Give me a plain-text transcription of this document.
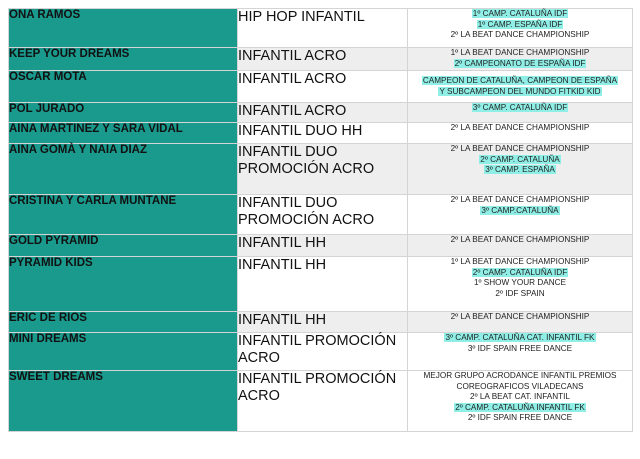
ONA RAMOS	HIP HOP INFANTIL	1º CAMP. CATALUÑA IDF
1º CAMP. ESPAÑA IDF
2º LA BEAT DANCE CHAMPIONSHIP

KEEP YOUR DREAMS	INFANTIL ACRO	1º LA BEAT DANCE CHAMPIONSHIP
2º CAMPEONATO DE ESPAÑA IDF

OSCAR MOTA	INFANTIL ACRO	CAMPEON DE CATALUÑA, CAMPEON DE ESPAÑA
Y SUBCAMPEON DEL MUNDO FITKID KID

POL JURADO	INFANTIL ACRO	3º CAMP. CATALUÑA IDF

AINA MARTINEZ Y SARA VIDAL	INFANTIL DUO HH	2º LA BEAT DANCE CHAMPIONSHIP

AINA GOMÀ Y NAIA DIAZ	INFANTIL DUO PROMOCIÓN ACRO	2º LA BEAT DANCE CHAMPIONSHIP
2º CAMP. CATALUÑA
3º CAMP. ESPAÑA

CRISTINA Y CARLA MUNTANE	INFANTIL DUO PROMOCIÓN ACRO	2º LA BEAT DANCE CHAMPIONSHIP
3º CAMP.CATALUÑA

GOLD PYRAMID	INFANTIL HH	2º LA BEAT DANCE CHAMPIONSHIP

PYRAMID KIDS	INFANTIL HH	1º LA BEAT DANCE CHAMPIONSHIP
2º CAMP. CATALUÑA IDF
1º SHOW YOUR DANCE
2º IDF SPAIN

ERIC DE RIOS	INFANTIL HH	2º LA BEAT DANCE CHAMPIONSHIP

MINI DREAMS	INFANTIL PROMOCIÓN ACRO	3º CAMP. CATALUÑA CAT. INFANTIL FK
3º IDF SPAIN FREE DANCE

SWEET DREAMS	INFANTIL PROMOCIÓN ACRO	MEJOR GRUPO ACRODANCE INFANTIL PREMIOS
COREOGRAFICOS VILADECANS
2º LA BEAT CAT. INFANTIL
2º CAMP. CATALUÑA INFANTIL FK
2º IDF SPAIN FREE DANCE
